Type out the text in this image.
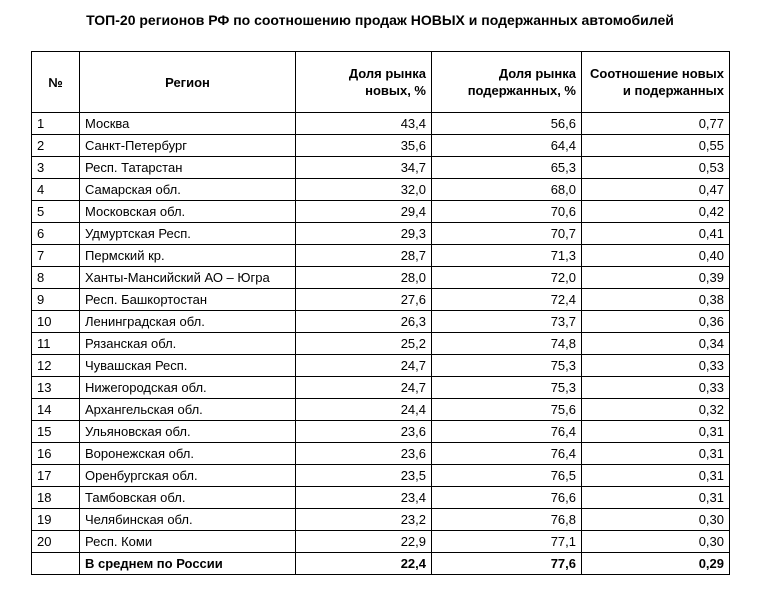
ТОП-20 регионов РФ по соотношению продаж НОВЫХ и подержанных автомобилей
№	Регион	Доля рынка новых, %	Доля рынка подержанных, %	Соотношение новых и подержанных
1	Москва	43,4	56,6	0,77
2	Санкт-Петербург	35,6	64,4	0,55
3	Респ. Татарстан	34,7	65,3	0,53
4	Самарская обл.	32,0	68,0	0,47
5	Московская обл.	29,4	70,6	0,42
6	Удмуртская Респ.	29,3	70,7	0,41
7	Пермский кр.	28,7	71,3	0,40
8	Ханты-Мансийский АО – Югра	28,0	72,0	0,39
9	Респ. Башкортостан	27,6	72,4	0,38
10	Ленинградская обл.	26,3	73,7	0,36
11	Рязанская обл.	25,2	74,8	0,34
12	Чувашская Респ.	24,7	75,3	0,33
13	Нижегородская обл.	24,7	75,3	0,33
14	Архангельская обл.	24,4	75,6	0,32
15	Ульяновская обл.	23,6	76,4	0,31
16	Воронежская обл.	23,6	76,4	0,31
17	Оренбургская обл.	23,5	76,5	0,31
18	Тамбовская обл.	23,4	76,6	0,31
19	Челябинская обл.	23,2	76,8	0,30
20	Респ. Коми	22,9	77,1	0,30
	В среднем по России	22,4	77,6	0,29
